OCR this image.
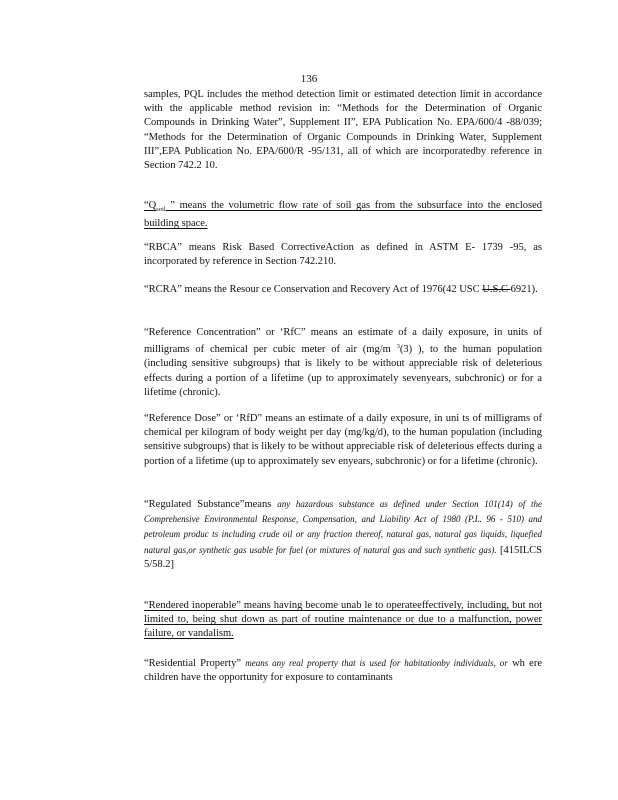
136

samples, PQL includes the method detection limit or estimated detection limit in accordance with the applicable method revision in: “Methods for the Determination of Organic Compounds in Drinking Water”, Supplement II”, EPA Publication No. EPA/600/4 -88/039; “Methods for the Determination of Organic Compounds in Drinking Water, Supplement III”,EPA Publication No. EPA/600/R -95/131, all of which are incorporatedby reference in Section 742.2 10.

“$Q_{soil}$ ” means the volumetric flow rate of soil gas from the subsurface into the enclosed building space.

“RBCA” means Risk Based CorrectiveAction as defined in ASTM E- 1739 -95, as incorporated by reference in Section 742.210.

“RCRA” means the Resour ce Conservation and Recovery Act of 1976(42 USC U.S.C 6921).

“Reference Concentration” or ‘RfC” means an estimate of a daily exposure, in units of milligrams of chemical per cubic meter of air (mg/m $^3$(3) ), to the human population (including sensitive subgroups) that is likely to be without appreciable risk of deleterious effects during a portion of a lifetime (up to approximately sevenyears, subchronic) or for a lifetime (chronic).

“Reference Dose” or ‘RfD” means an estimate of a daily exposure, in uni ts of milligrams of chemical per kilogram of body weight per day (mg/kg/d), to the human population (including sensitive subgroups) that is likely to be without appreciable risk of deleterious effects during a portion of a lifetime (up to approximately sev enyears, subchronic) or for a lifetime (chronic).

“Regulated Substance”means any hazardous substance as defined under Section 101(14) of the Comprehensive Environmental Response, Compensation, and Liability Act of 1980 (P.L. 96 - 510) and petroleum produc ts including crude oil or any fraction thereof, natural gas, natural gas liquids, liquefied natural gas,or synthetic gas usable for fuel (or mixtures of natural gas and such synthetic gas). [415ILCS 5/58.2]

“Rendered inoperable” means having become unab le to operateeffectively, including, but not limited to, being shut down as part of routine maintenance or due to a malfunction, power failure, or vandalism.

“Residential Property” means any real property that is used for habitationby individuals, or wh ere children have the opportunity for exposure to contaminants
